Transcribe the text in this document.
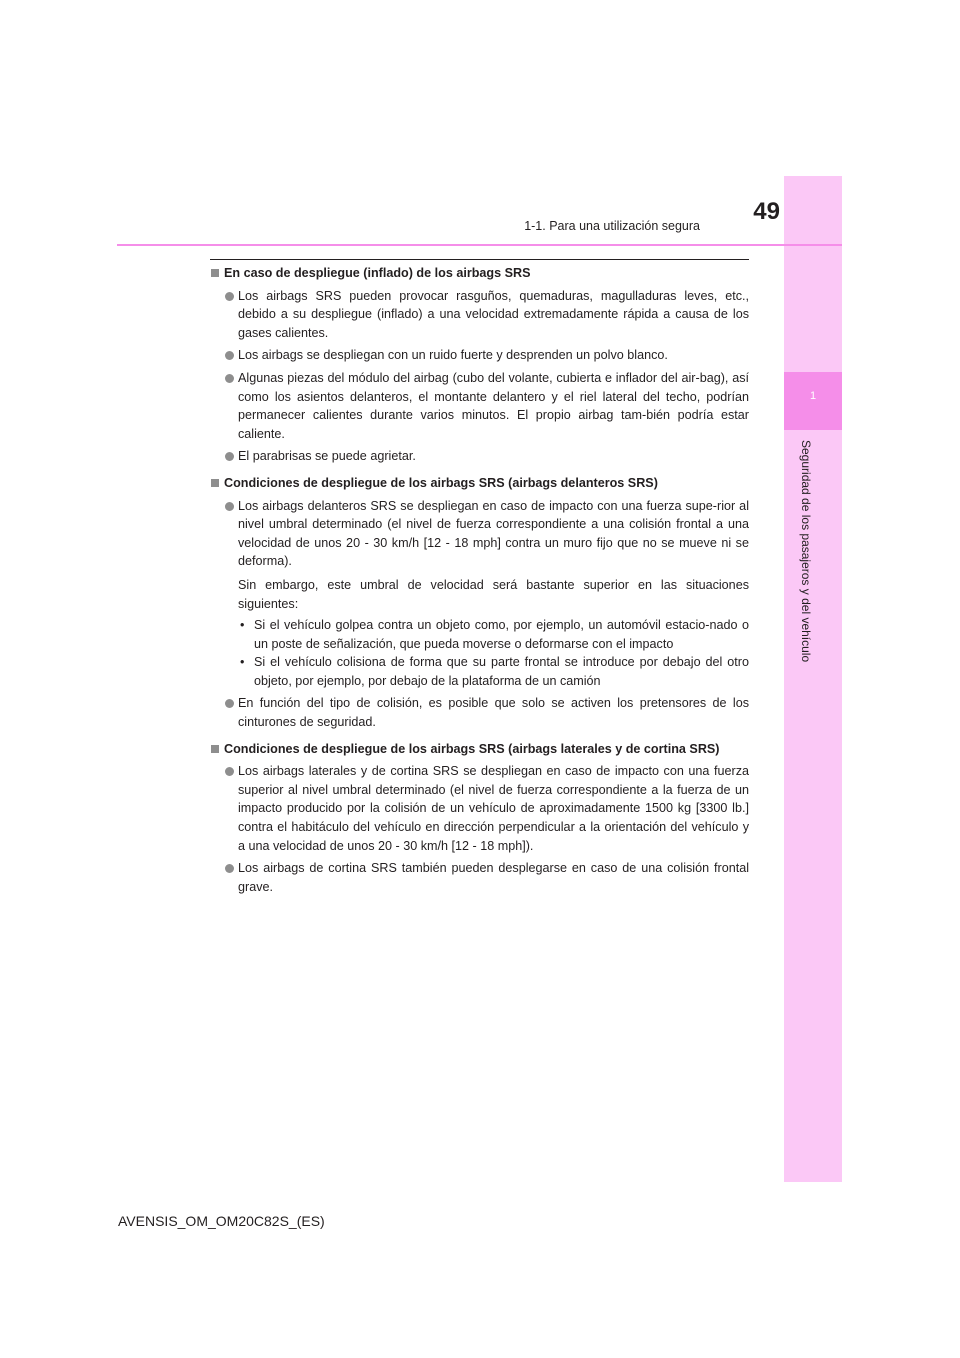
1
Seguridad de los pasajeros y del vehículo
49
1-1. Para una utilización segura
En caso de despliegue (inflado) de los airbags SRS
Los airbags SRS pueden provocar rasguños, quemaduras, magulladuras leves, etc., debido a su despliegue (inflado) a una velocidad extremadamente rápida a causa de los gases calientes.
Los airbags se despliegan con un ruido fuerte y desprenden un polvo blanco.
Algunas piezas del módulo del airbag (cubo del volante, cubierta e inflador del air-bag), así como los asientos delanteros, el montante delantero y el riel lateral del techo, podrían permanecer calientes durante varios minutos. El propio airbag tam-bién podría estar caliente.
El parabrisas se puede agrietar.
Condiciones de despliegue de los airbags SRS (airbags delanteros SRS)
Los airbags delanteros SRS se despliegan en caso de impacto con una fuerza supe-rior al nivel umbral determinado (el nivel de fuerza correspondiente a una colisión frontal a una velocidad de unos 20 - 30 km/h [12 - 18 mph] contra un muro fijo que no se mueve ni se deforma).
Sin embargo, este umbral de velocidad será bastante superior en las situaciones siguientes:
• Si el vehículo golpea contra un objeto como, por ejemplo, un automóvil estacio-nado o un poste de señalización, que pueda moverse o deformarse con el impacto
• Si el vehículo colisiona de forma que su parte frontal se introduce por debajo del otro objeto, por ejemplo, por debajo de la plataforma de un camión
En función del tipo de colisión, es posible que solo se activen los pretensores de los cinturones de seguridad.
Condiciones de despliegue de los airbags SRS (airbags laterales y de cortina SRS)
Los airbags laterales y de cortina SRS se despliegan en caso de impacto con una fuerza superior al nivel umbral determinado (el nivel de fuerza correspondiente a la fuerza de un impacto producido por la colisión de un vehículo de aproximadamente 1500 kg [3300 lb.] contra el habitáculo del vehículo en dirección perpendicular a la orientación del vehículo y a una velocidad de unos 20 - 30 km/h [12 - 18 mph]).
Los airbags de cortina SRS también pueden desplegarse en caso de una colisión frontal grave.
AVENSIS_OM_OM20C82S_(ES)
